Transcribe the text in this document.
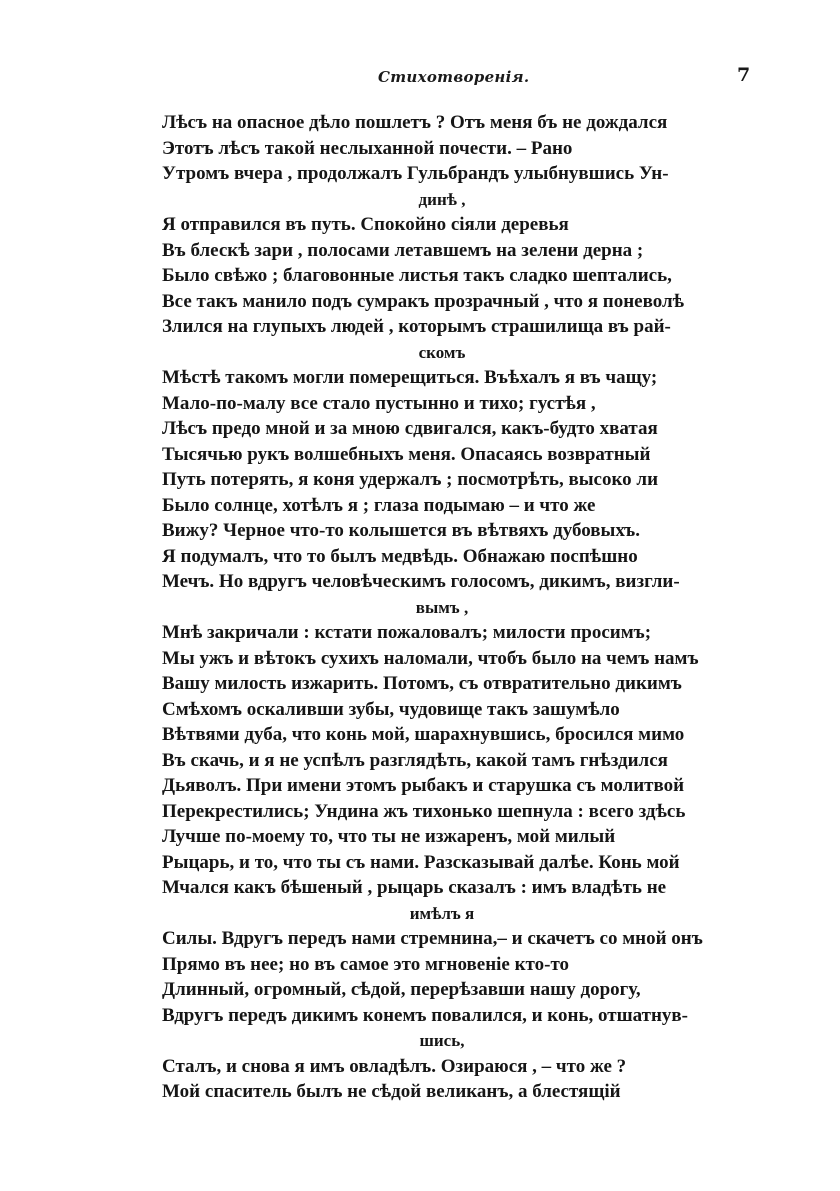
Стихотворенія.	7
Лѣсъ на опасное дѣло пошлетъ ? Отъ меня бъ не дождался
Этотъ лѣсъ такой неслыханной почести. – Рано
Утромъ вчера , продолжалъ Гульбрандъ улыбнувшись Ун-
динѣ ,
Я отправился въ путь. Спокойно сіяли деревья
Въ блескѣ зари , полосами летавшемъ на зелени дерна ;
Было свѣжо ; благовонные листья такъ сладко шептались,
Все такъ манило подъ сумракъ прозрачный , что я поневолѣ
Злился на глупыхъ людей , которымъ страшилища въ рай-
скомъ
Мѣстѣ такомъ могли померещиться. Въѣхалъ я въ чащу;
Мало-по-малу все стало пустынно и тихо; густѣя ,
Лѣсъ предо мной и за мною сдвигался, какъ-будто хватая
Тысячью рукъ волшебныхъ меня. Опасаясь возвратный
Путь потерять, я коня удержалъ ; посмотрѣть, высоко ли
Было солнце, хотѣлъ я ; глаза подымаю – и что же
Вижу? Черное что-то колышется въ вѣтвяхъ дубовыхъ.
Я подумалъ, что то былъ медвѣдь. Обнажаю поспѣшно
Мечъ. Но вдругъ человѣческимъ голосомъ, дикимъ, визгли-
вымъ ,
Мнѣ закричали : кстати пожаловалъ; милости просимъ;
Мы ужъ и вѣтокъ сухихъ наломали, чтобъ было на чемъ намъ
Вашу милость изжарить. Потомъ, съ отвратительно дикимъ
Смѣхомъ оскаливши зубы, чудовище такъ зашумѣло
Вѣтвями дуба, что конь мой, шарахнувшись, бросился мимо
Въ скачь, и я не успѣлъ разглядѣть, какой тамъ гнѣздился
Дьяволъ. При имени этомъ рыбакъ и старушка съ молитвой
Перекрестились; Ундина жъ тихонько шепнула : всего здѣсь
Лучше по-моему то, что ты не изжаренъ, мой милый
Рыцарь, и то, что ты съ нами. Разсказывай далѣе. Конь мой
Мчался какъ бѣшеный , рыцарь сказалъ : имъ владѣть не
имѣлъ я
Силы. Вдругъ передъ нами стремнина,– и скачетъ со мной онъ
Прямо въ нее; но въ самое это мгновеніе кто-то
Длинный, огромный, сѣдой, перерѣзавши нашу дорогу,
Вдругъ передъ дикимъ конемъ повалился, и конь, отшатнув-
шись,
Сталъ, и снова я имъ овладѣлъ. Озираюся , – что же ?
Мой спаситель былъ не сѣдой великанъ, а блестящій
